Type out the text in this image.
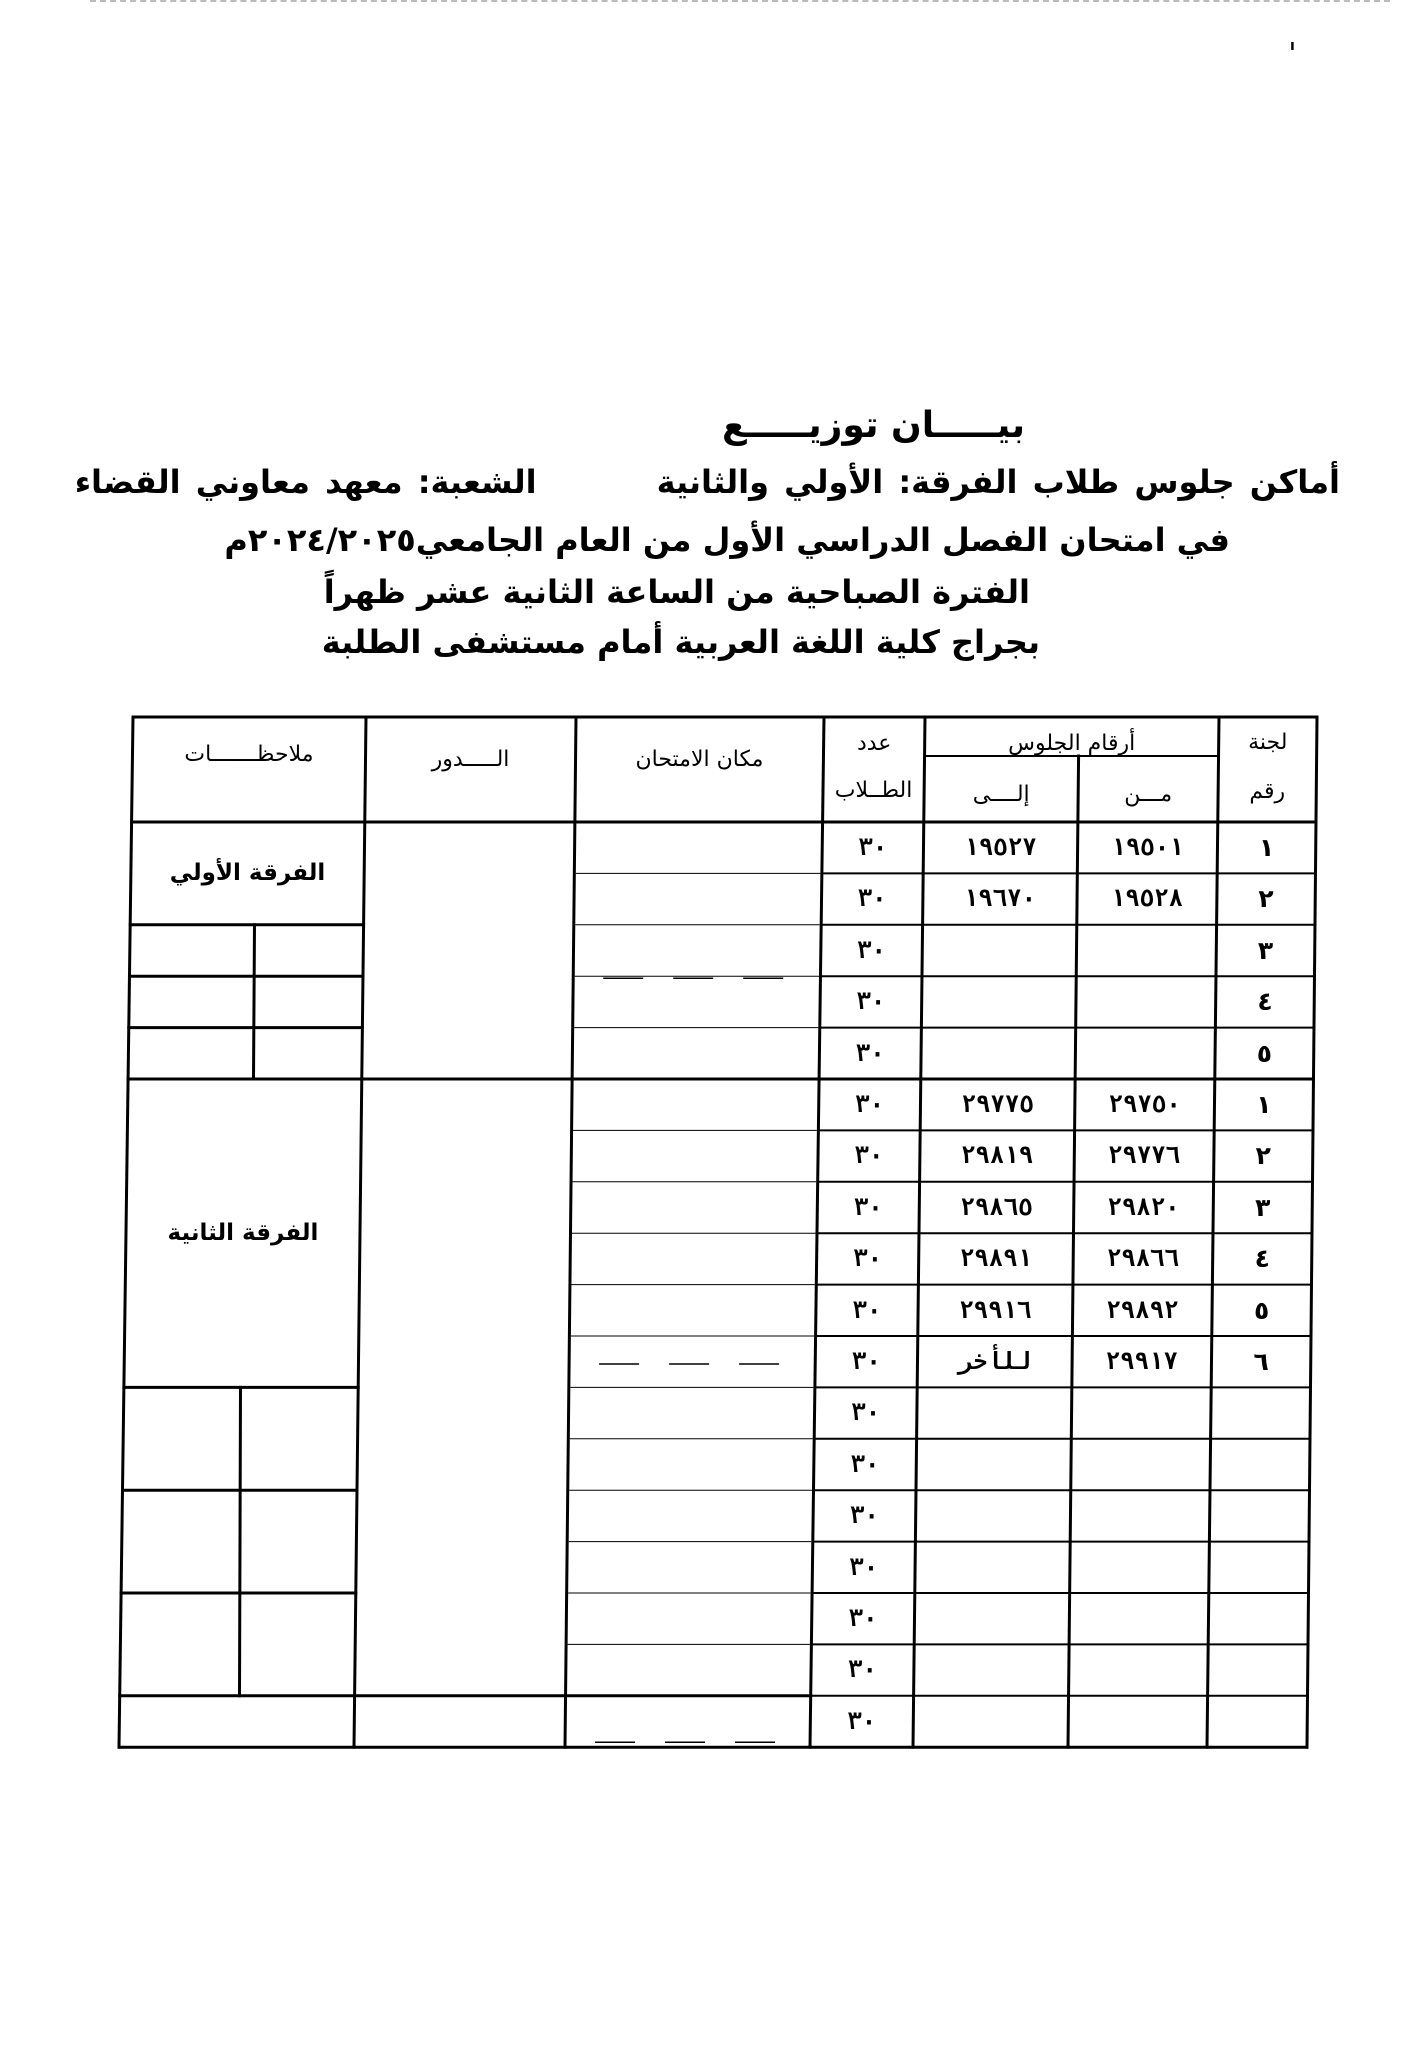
ı
بيـــــان توزيـــــع
أماكن جلوس طلاب الفرقة: الأولي والثانيةالشعبة: معهد معاوني القضاء
في امتحان الفصل الدراسي الأول من العام الجامعي٢٠٢٤/٢٠٢٥م
الفترة الصباحية من الساعة الثانية عشر ظهراً
بجراج كلية اللغة العربية أمام مستشفى الطلبة
لجنة
رقم
أرقام الجلوس
مـــن
إلــــى
عدد
الطــلاب
مكان الامتحان
الـــــدور
ملاحظـــــــات
١
١٩٥٠١
١٩٥٢٧
٣٠
٢
١٩٥٢٨
١٩٦٧٠
٣٠
٣
٣٠
٤
٣٠
٥
٣٠
١
٢٩٧٥٠
٢٩٧٧٥
٣٠
٢
٢٩٧٧٦
٢٩٨١٩
٣٠
٣
٢٩٨٢٠
٢٩٨٦٥
٣٠
٤
٢٩٨٦٦
٢٩٨٩١
٣٠
٥
٢٩٨٩٢
٢٩٩١٦
٣٠
٦
٢٩٩١٧
للأخر
٣٠
٣٠
٣٠
٣٠
٣٠
٣٠
٣٠
٣٠
الفرقة الأولي
الفرقة الثانية
